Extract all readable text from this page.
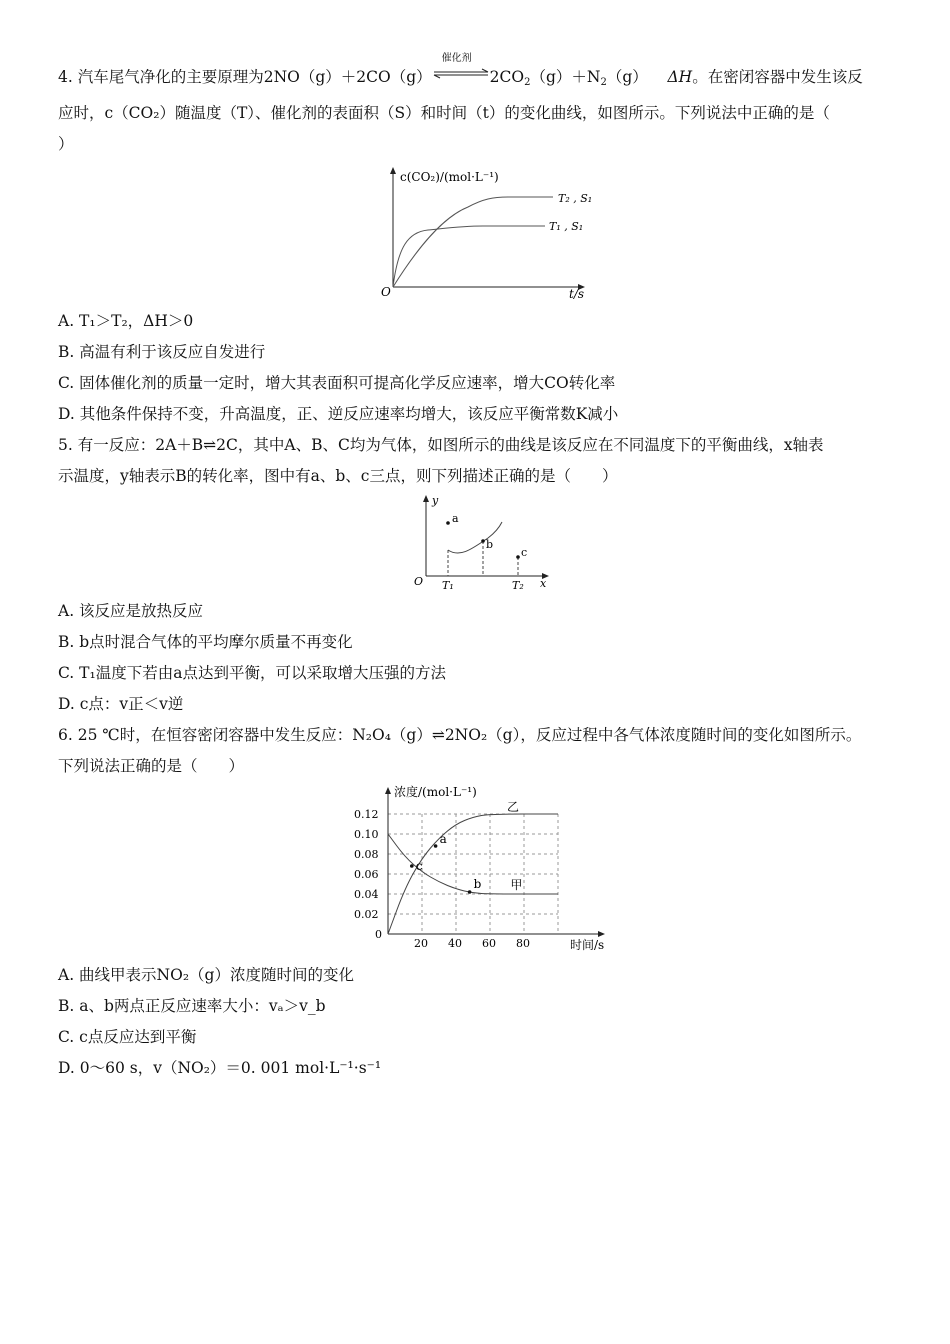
4. 汽车尾气净化的主要原理为2NO（g）＋2CO（g）
催化剂
$2CO_2(g)+N_2(g)$ ΔH。在密闭容器中发生该反
应时，c（CO₂）随温度（T）、催化剂的表面积（S）和时间（t）的变化曲线，如图所示。下列说法中正确的是（
）
c(CO₂)/(mol·L⁻¹)
t/s
O
T₂ , S₁
T₁ , S₁
A. T₁＞T₂，ΔH＞0
B. 高温有利于该反应自发进行
C. 固体催化剂的质量一定时，增大其表面积可提高化学反应速率，增大CO转化率
D. 其他条件保持不变，升高温度，正、逆反应速率均增大，该反应平衡常数K减小
5. 有一反应：2A＋B⇌2C，其中A、B、C均为气体，如图所示的曲线是该反应在不同温度下的平衡曲线，x轴表
示温度，y轴表示B的转化率，图中有a、b、c三点，则下列描述正确的是（　　）
y
x
O
a
b
c
T₁	T₂
A. 该反应是放热反应
B. b点时混合气体的平均摩尔质量不再变化
C. T₁温度下若由a点达到平衡，可以采取增大压强的方法
D. c点：v正＜v逆
6. 25 ℃时，在恒容密闭容器中发生反应：N₂O₄（g）⇌2NO₂（g），反应过程中各气体浓度随时间的变化如图所示。
下列说法正确的是（　　）
浓度/(mol·L⁻¹)
时间/s
0
0.02
0.04
0.06
0.08
0.10
0.12
20 40 60 80
甲
乙
a
c
b
A. 曲线甲表示NO₂（g）浓度随时间的变化
B. a、b两点正反应速率大小：vₐ＞v_b
C. c点反应达到平衡
D. 0～60 s，v（NO₂）＝0. 001 mol·L⁻¹·s⁻¹
